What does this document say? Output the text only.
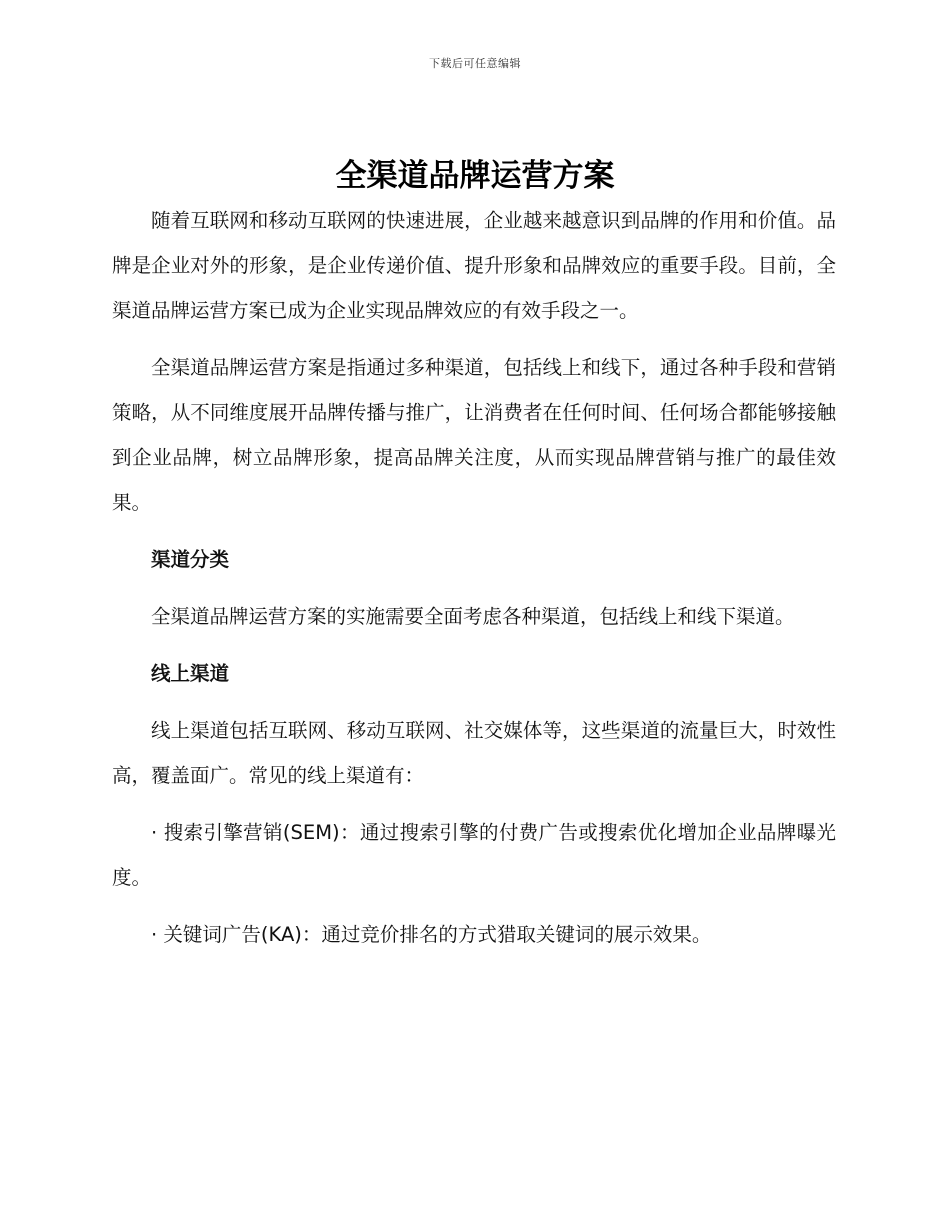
下载后可任意编辑
全渠道品牌运营方案

随着互联网和移动互联网的快速进展，企业越来越意识到品牌的作用和价值。品牌是企业对外的形象，是企业传递价值、提升形象和品牌效应的重要手段。目前，全渠道品牌运营方案已成为企业实现品牌效应的有效手段之一。

全渠道品牌运营方案是指通过多种渠道，包括线上和线下，通过各种手段和营销策略，从不同维度展开品牌传播与推广，让消费者在任何时间、任何场合都能够接触到企业品牌，树立品牌形象，提高品牌关注度，从而实现品牌营销与推广的最佳效果。

渠道分类

全渠道品牌运营方案的实施需要全面考虑各种渠道，包括线上和线下渠道。

线上渠道

线上渠道包括互联网、移动互联网、社交媒体等，这些渠道的流量巨大，时效性高，覆盖面广。常见的线上渠道有：

· 搜索引擎营销(SEM)：通过搜索引擎的付费广告或搜索优化增加企业品牌曝光度。

· 关键词广告(KA)：通过竞价排名的方式猎取关键词的展示效果。
